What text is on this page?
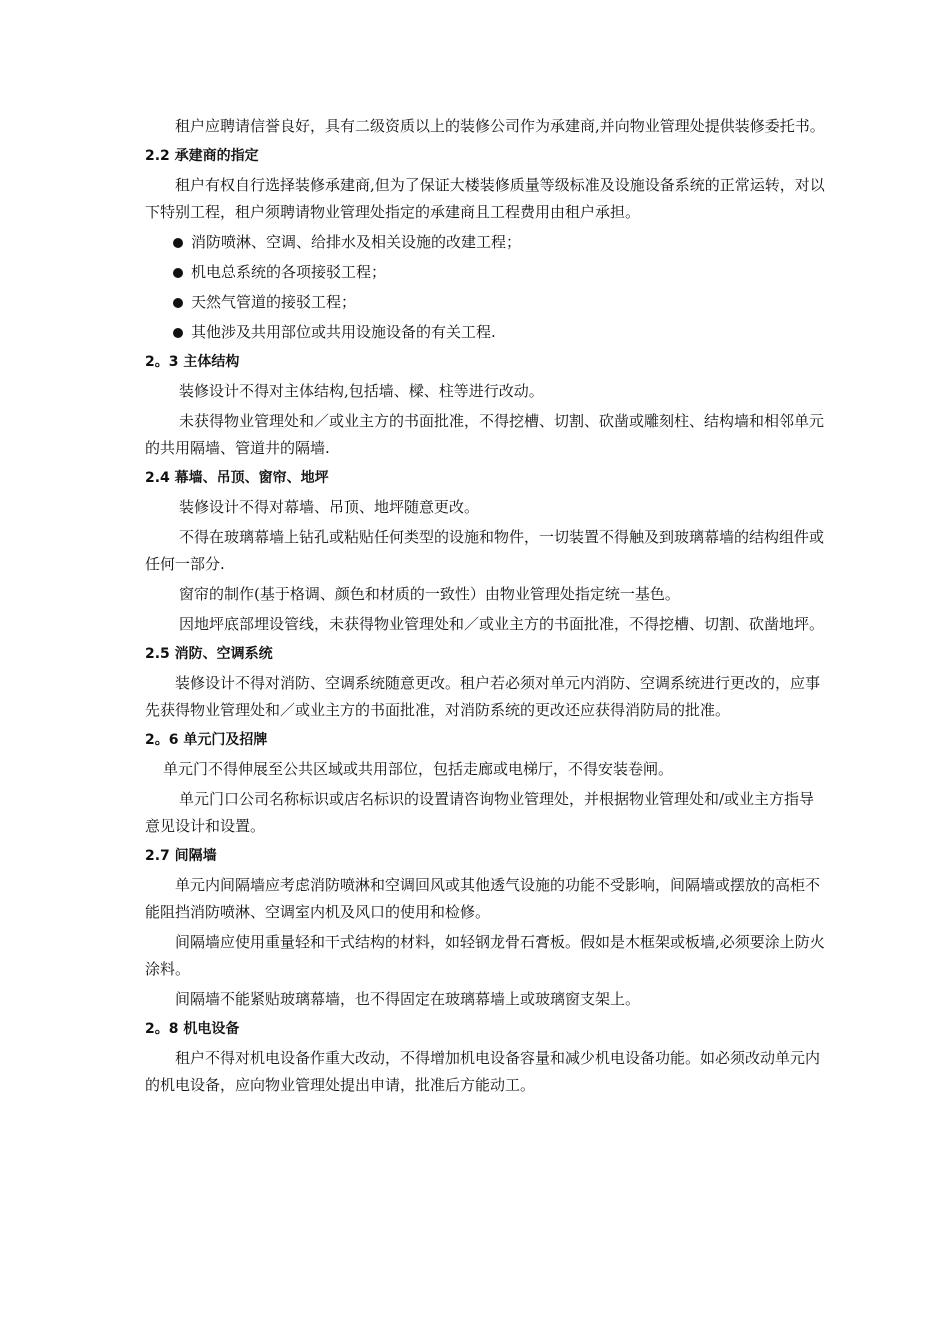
租户应聘请信誉良好，具有二级资质以上的装修公司作为承建商,并向物业管理处提供装修委托书。

2.2 承建商的指定

租户有权自行选择装修承建商,但为了保证大楼装修质量等级标准及设施设备系统的正常运转，对以下特别工程，租户须聘请物业管理处指定的承建商且工程费用由租户承担。

消防喷淋、空调、给排水及相关设施的改建工程；

机电总系统的各项接驳工程；

天然气管道的接驳工程；

其他涉及共用部位或共用设施设备的有关工程.

2。3 主体结构

装修设计不得对主体结构,包括墙、樑、柱等进行改动。

未获得物业管理处和／或业主方的书面批准，不得挖槽、切割、砍凿或雕刻柱、结构墙和相邻单元的共用隔墙、管道井的隔墙.

2.4 幕墙、吊顶、窗帘、地坪

装修设计不得对幕墙、吊顶、地坪随意更改。

不得在玻璃幕墙上钻孔或粘贴任何类型的设施和物件，一切装置不得触及到玻璃幕墙的结构组件或任何一部分.

窗帘的制作(基于格调、颜色和材质的一致性）由物业管理处指定统一基色。

因地坪底部埋设管线，未获得物业管理处和／或业主方的书面批准，不得挖槽、切割、砍凿地坪。

2.5 消防、空调系统

装修设计不得对消防、空调系统随意更改。租户若必须对单元内消防、空调系统进行更改的，应事先获得物业管理处和／或业主方的书面批准，对消防系统的更改还应获得消防局的批准。

2。6 单元门及招牌

单元门不得伸展至公共区域或共用部位，包括走廊或电梯厅，不得安装卷闸。

单元门口公司名称标识或店名标识的设置请咨询物业管理处，并根据物业管理处和/或业主方指导意见设计和设置。

2.7 间隔墙

单元内间隔墙应考虑消防喷淋和空调回风或其他透气设施的功能不受影响，间隔墙或摆放的高柜不能阻挡消防喷淋、空调室内机及风口的使用和检修。

间隔墙应使用重量轻和干式结构的材料，如轻钢龙骨石膏板。假如是木框架或板墙,必须要涂上防火涂料。

间隔墙不能紧贴玻璃幕墙，也不得固定在玻璃幕墙上或玻璃窗支架上。

2。8 机电设备

租户不得对机电设备作重大改动，不得增加机电设备容量和减少机电设备功能。如必须改动单元内的机电设备，应向物业管理处提出申请，批准后方能动工。
